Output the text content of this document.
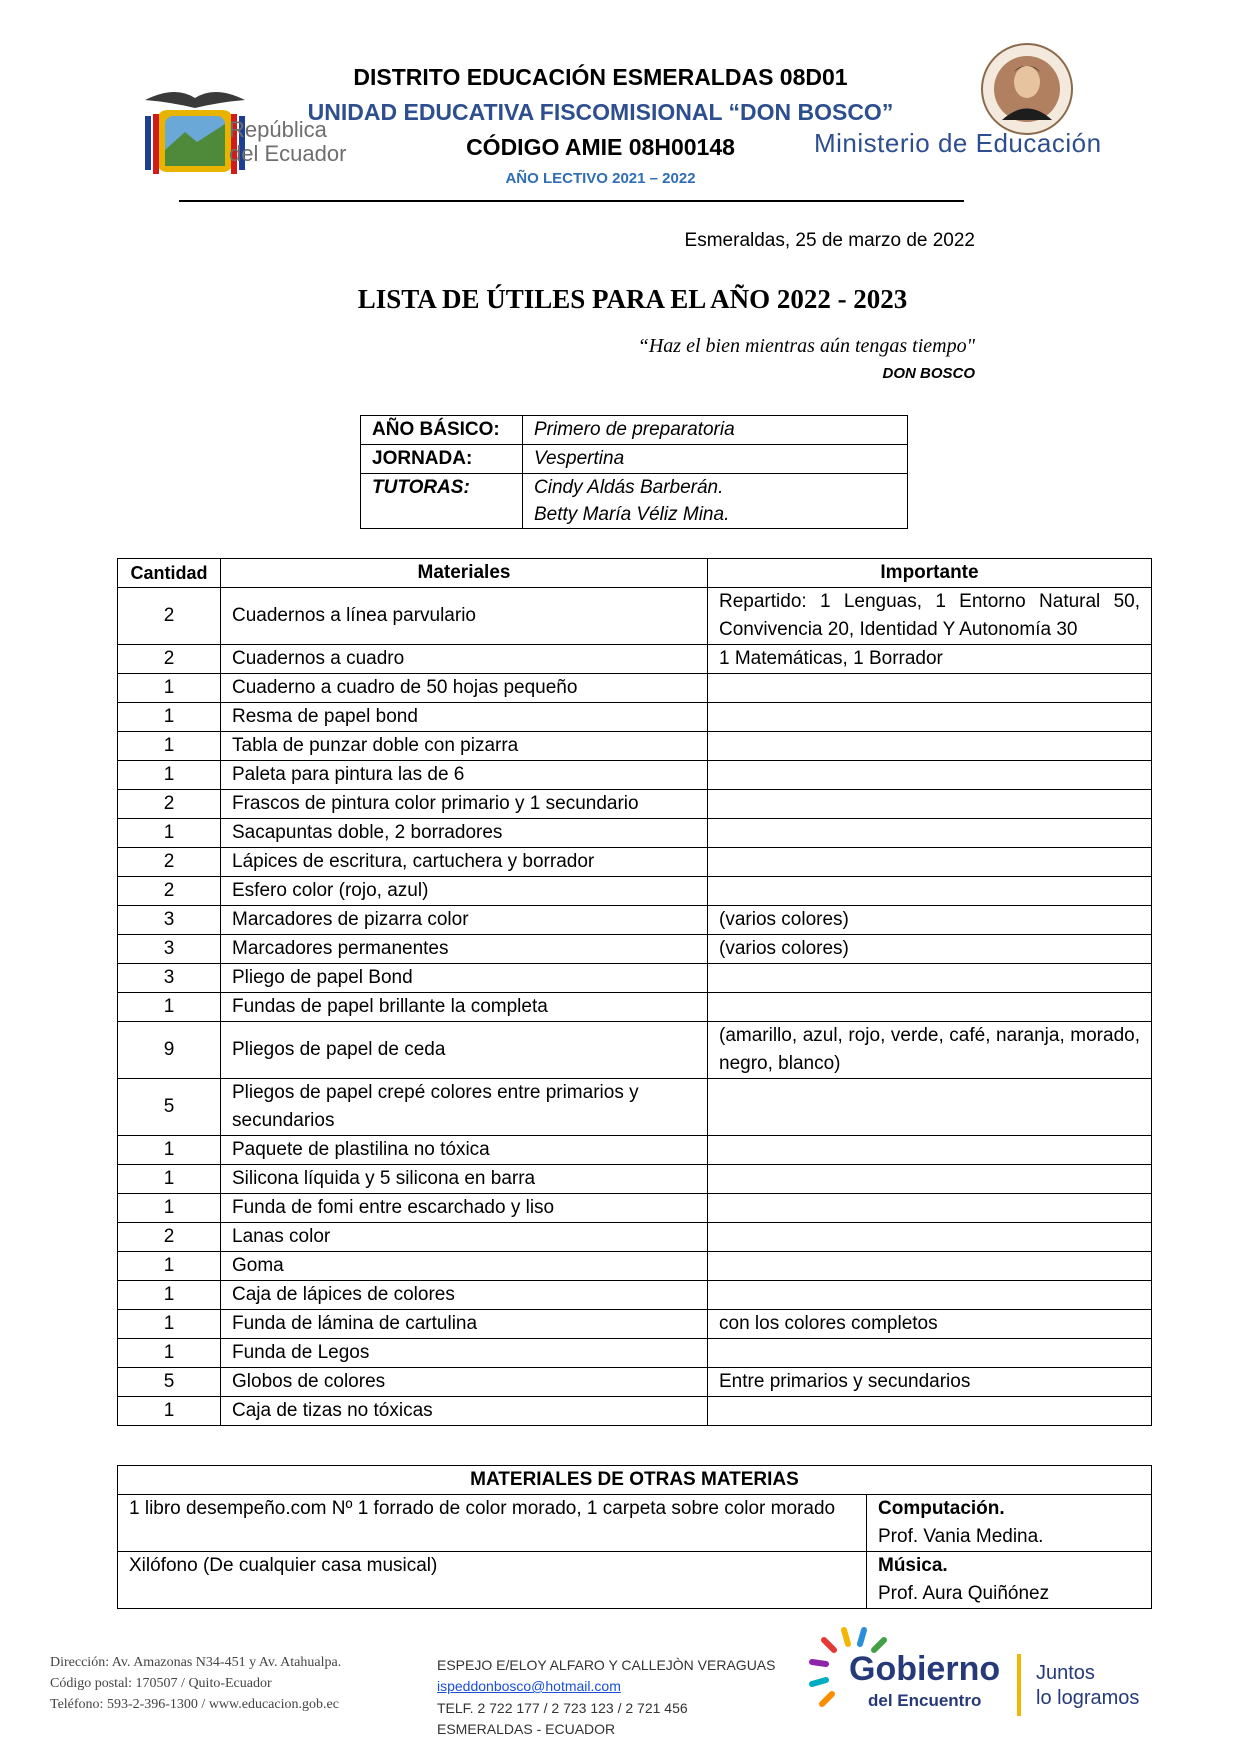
República
del Ecuador
DISTRITO EDUCACIÓN ESMERALDAS 08D01
UNIDAD EDUCATIVA FISCOMISIONAL “DON BOSCO”
CÓDIGO AMIE 08H00148
AÑO LECTIVO 2021 – 2022
Ministerio de Educación
Esmeraldas, 25 de marzo de 2022
LISTA DE ÚTILES PARA EL AÑO 2022 - 2023
“Haz el bien mientras aún tengas tiempo"
DON BOSCO
AÑO BÁSICO:	Primero de preparatoria
JORNADA:	Vespertina
TUTORAS:	Cindy Aldás Barberán.
Betty María Véliz Mina.
Cantidad	Materiales	Importante
2	Cuadernos a línea parvulario	Repartido: 1 Lenguas, 1 Entorno Natural 50, Convivencia 20, Identidad Y Autonomía 30
2	Cuadernos a cuadro	1 Matemáticas, 1 Borrador
1	Cuaderno a cuadro de 50 hojas pequeño	
1	Resma de papel bond	
1	Tabla de punzar doble con pizarra	
1	Paleta para pintura las de 6	
2	Frascos de pintura color primario y 1 secundario	
1	Sacapuntas doble, 2 borradores	
2	Lápices de escritura, cartuchera y borrador	
2	Esfero color (rojo, azul)	
3	Marcadores de pizarra color	(varios colores)
3	Marcadores permanentes	(varios colores)
3	Pliego de papel Bond	
1	Fundas de papel brillante la completa	
9	Pliegos de papel de ceda	(amarillo, azul, rojo, verde, café, naranja, morado, negro, blanco)
5	Pliegos de papel crepé colores entre primarios y secundarios	
1	Paquete de plastilina no tóxica	
1	Silicona líquida y 5 silicona en barra	
1	Funda de fomi entre escarchado y liso	
2	Lanas color	
1	Goma	
1	Caja de lápices de colores	
1	Funda de lámina de cartulina	con los colores completos
1	Funda de Legos	
5	Globos de colores	Entre primarios y secundarios
1	Caja de tizas no tóxicas	
MATERIALES DE OTRAS MATERIAS	
1 libro desempeño.com Nº 1 forrado de color morado, 1 carpeta sobre color morado	Computación.
Prof. Vania Medina.
Xilófono (De cualquier casa musical)	Música.
Prof. Aura Quiñónez
Dirección: Av. Amazonas N34-451 y Av. Atahualpa.
Código postal: 170507 / Quito-Ecuador
Teléfono: 593-2-396-1300 / www.educacion.gob.ec
ESPEJO E/ELOY ALFARO Y CALLEJÒN VERAGUAS
ispeddonbosco@hotmail.com
TELF. 2 722 177 / 2 723 123 / 2 721 456
ESMERALDAS - ECUADOR
Gobierno
del Encuentro
Juntos
lo logramos
